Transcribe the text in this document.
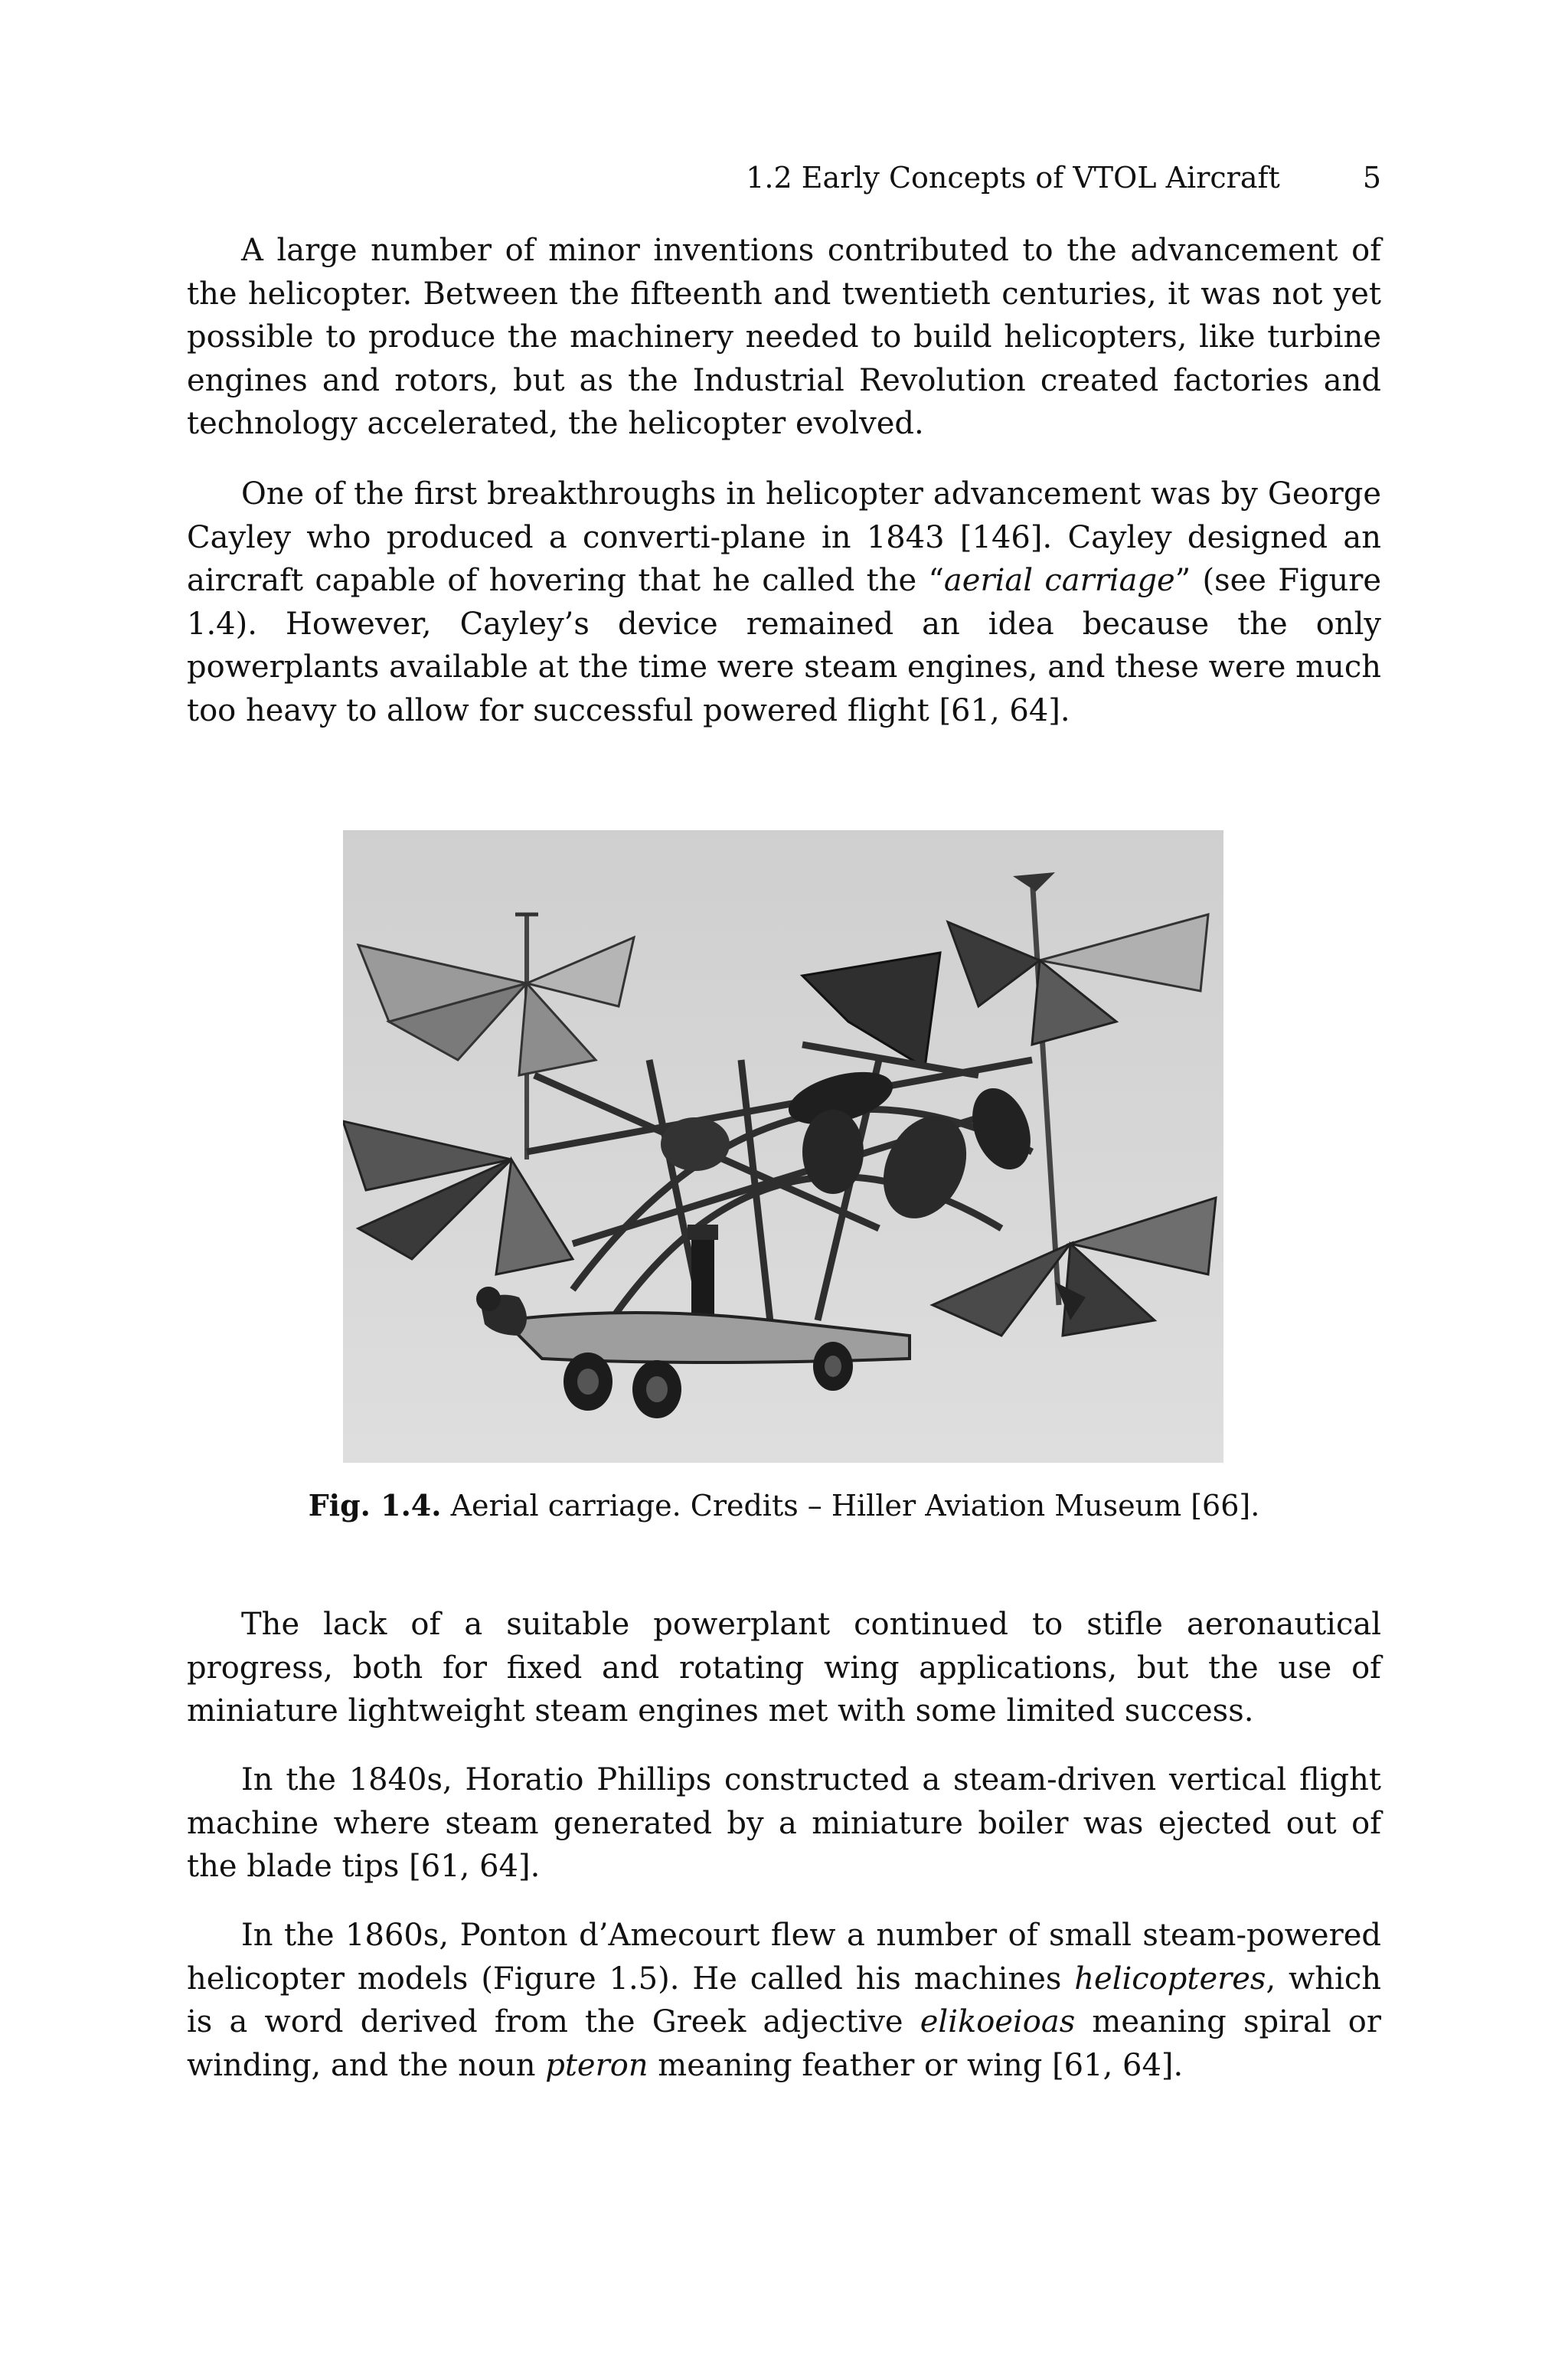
1.2 Early Concepts of VTOL Aircraft	5

A large number of minor inventions contributed to the advancement of the helicopter. Between the fifteenth and twentieth centuries, it was not yet possible to produce the machinery needed to build helicopters, like turbine engines and rotors, but as the Industrial Revolution created factories and technology accelerated, the helicopter evolved.

One of the first breakthroughs in helicopter advancement was by George Cayley who produced a converti-plane in 1843 [146]. Cayley designed an aircraft capable of hovering that he called the “aerial carriage” (see Figure 1.4). However, Cayley’s device remained an idea because the only powerplants available at the time were steam engines, and these were much too heavy to allow for successful powered flight [61, 64].

Fig. 1.4. Aerial carriage. Credits – Hiller Aviation Museum [66].

The lack of a suitable powerplant continued to stifle aeronautical progress, both for fixed and rotating wing applications, but the use of miniature lightweight steam engines met with some limited success.

In the 1840s, Horatio Phillips constructed a steam-driven vertical flight machine where steam generated by a miniature boiler was ejected out of the blade tips [61, 64].

In the 1860s, Ponton d’Amecourt flew a number of small steam-powered helicopter models (Figure 1.5). He called his machines helicopteres, which is a word derived from the Greek adjective elikoeioas meaning spiral or winding, and the noun pteron meaning feather or wing [61, 64].
